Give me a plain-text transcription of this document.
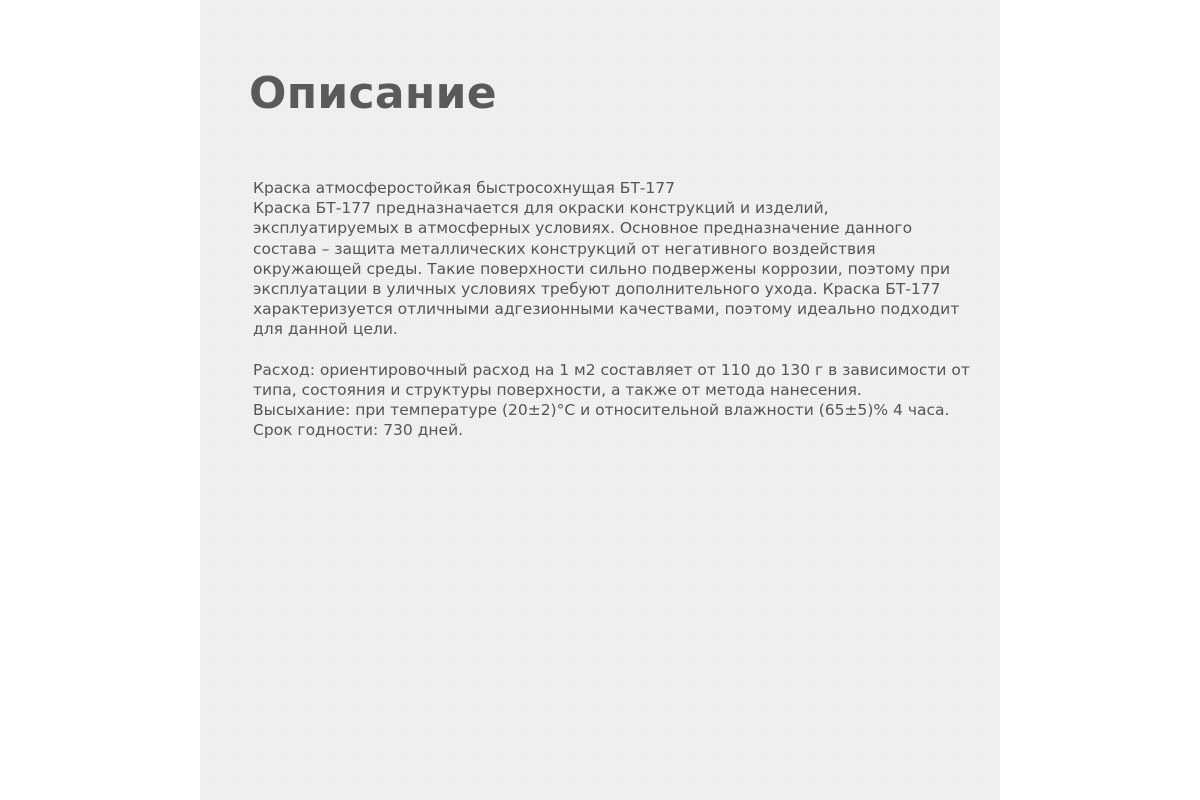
Описание
Краска атмосферостойкая быстросохнущая БТ-177
Краска БТ-177 предназначается для окраски конструкций и изделий,
эксплуатируемых в атмосферных условиях. Основное предназначение данного
состава – защита металлических конструкций от негативного воздействия
окружающей среды. Такие поверхности сильно подвержены коррозии, поэтому при
эксплуатации в уличных условиях требуют дополнительного ухода. Краска БТ-177
характеризуется отличными адгезионными качествами, поэтому идеально подходит
для данной цели.
Расход: ориентировочный расход на 1 м2 составляет от 110 до 130 г в зависимости от
типа, состояния и структуры поверхности, а также от метода нанесения.
Высыхание: при температуре (20±2)°С и относительной влажности (65±5)% 4 часа.
Срок годности: 730 дней.
